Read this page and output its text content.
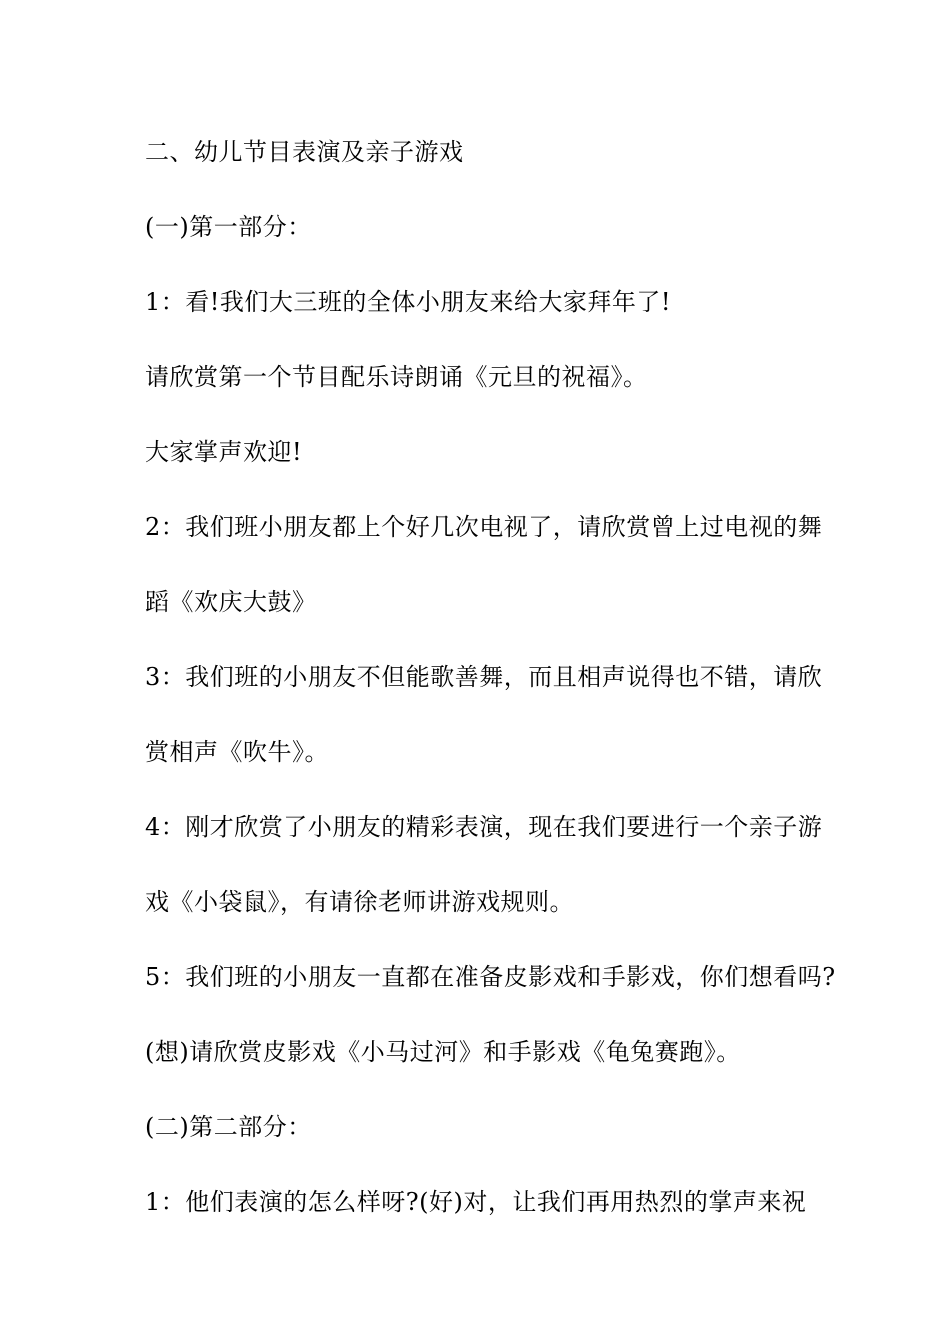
二、幼儿节目表演及亲子游戏
(一)第一部分：
1：看!我们大三班的全体小朋友来给大家拜年了!
请欣赏第一个节目配乐诗朗诵《元旦的祝福》。
大家掌声欢迎!
2：我们班小朋友都上个好几次电视了，请欣赏曾上过电视的舞
蹈《欢庆大鼓》
3：我们班的小朋友不但能歌善舞，而且相声说得也不错，请欣
赏相声《吹牛》。
4：刚才欣赏了小朋友的精彩表演，现在我们要进行一个亲子游
戏《小袋鼠》，有请徐老师讲游戏规则。
5：我们班的小朋友一直都在准备皮影戏和手影戏，你们想看吗?
(想)请欣赏皮影戏《小马过河》和手影戏《龟兔赛跑》。
(二)第二部分：
1：他们表演的怎么样呀?(好)对，让我们再用热烈的掌声来祝
